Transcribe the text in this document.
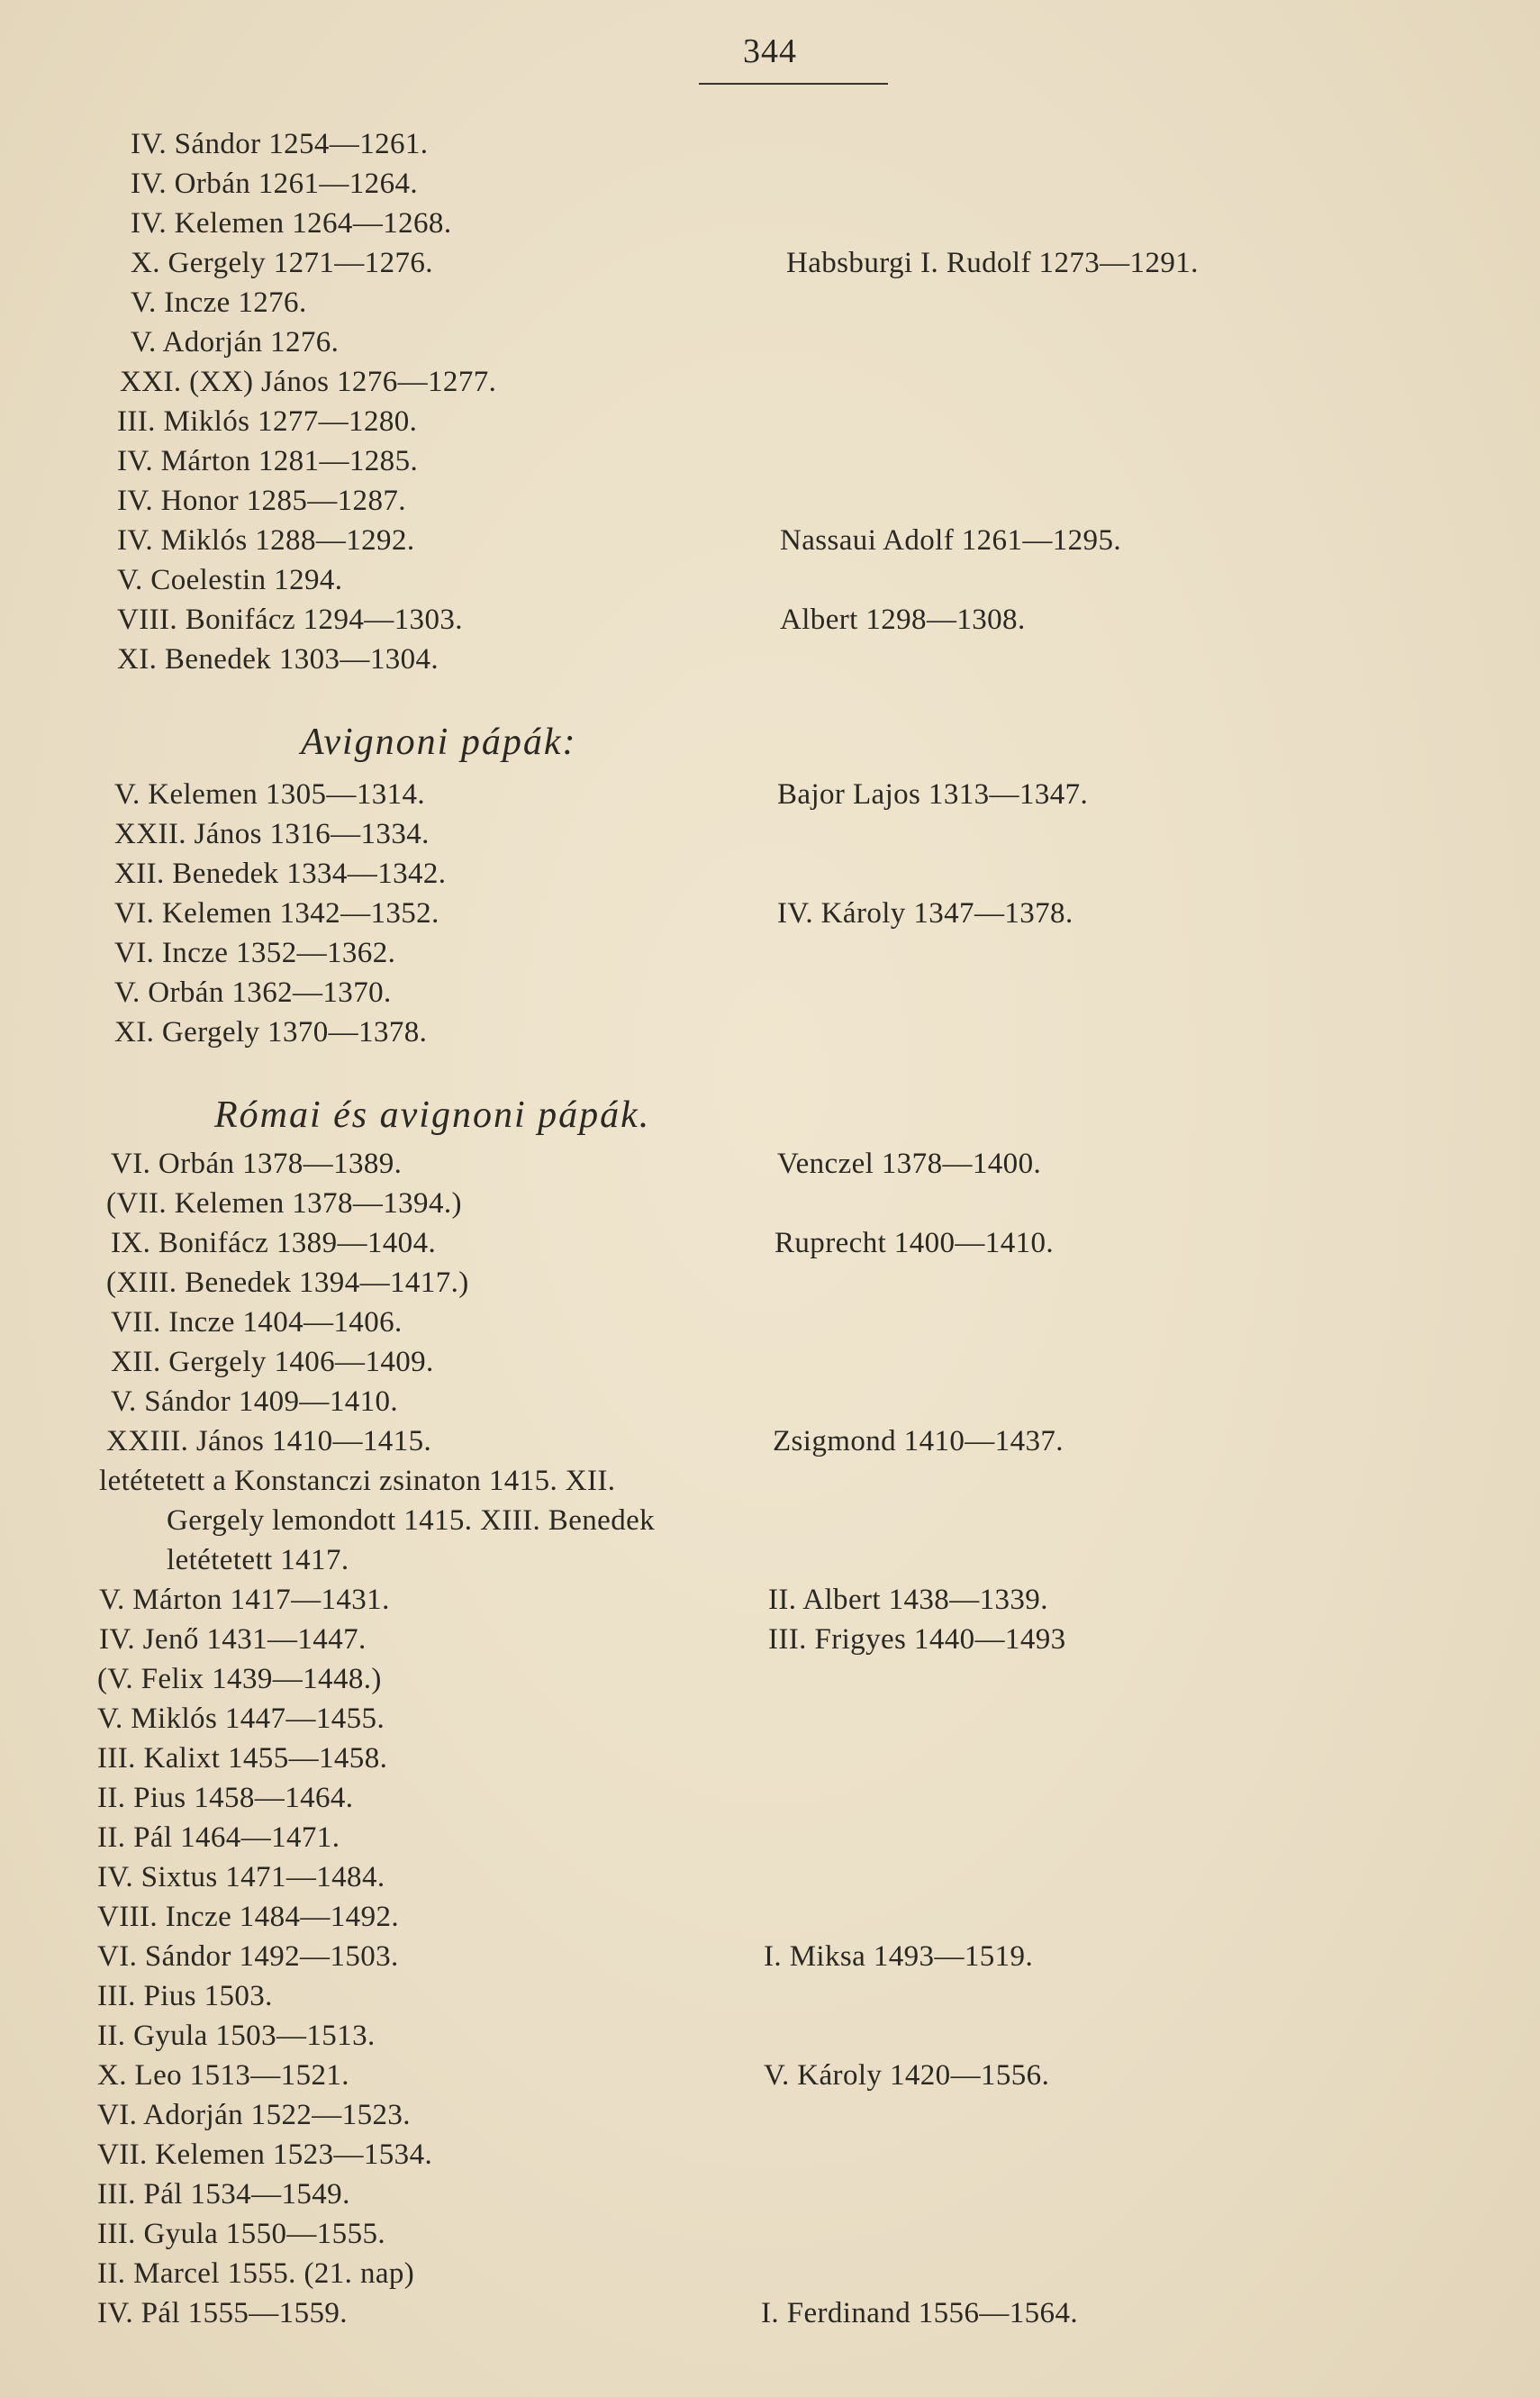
344
IV. Sándor 1254—1261.
IV. Orbán 1261—1264.
IV. Kelemen 1264—1268.
X. Gergely 1271—1276.
V. Incze 1276.
V. Adorján 1276.
XXI. (XX) János 1276—1277.
III. Miklós 1277—1280.
IV. Márton 1281—1285.
IV. Honor 1285—1287.
IV. Miklós 1288—1292.
V. Coelestin 1294.
VIII. Bonifácz 1294—1303.
XI. Benedek 1303—1304.
Habsburgi I. Rudolf 1273—1291.
Nassaui Adolf 1261—1295.
Albert 1298—1308.
Avignoni pápák:
V. Kelemen 1305—1314.
XXII. János 1316—1334.
XII. Benedek 1334—1342.
VI. Kelemen 1342—1352.
VI. Incze 1352—1362.
V. Orbán 1362—1370.
XI. Gergely 1370—1378.
Bajor Lajos 1313—1347.
IV. Károly 1347—1378.
Római és avignoni pápák.
VI. Orbán 1378—1389.
(VII. Kelemen 1378—1394.)
IX. Bonifácz 1389—1404.
(XIII. Benedek 1394—1417.)
VII. Incze 1404—1406.
XII. Gergely 1406—1409.
V. Sándor 1409—1410.
XXIII. János 1410—1415.
letétetett a Konstanczi zsinaton 1415. XII.
Gergely lemondott 1415. XIII. Benedek
letétetett 1417.
V. Márton 1417—1431.
IV. Jenő 1431—1447.
(V. Felix 1439—1448.)
V. Miklós 1447—1455.
III. Kalixt 1455—1458.
II. Pius 1458—1464.
II. Pál 1464—1471.
IV. Sixtus 1471—1484.
VIII. Incze 1484—1492.
VI. Sándor 1492—1503.
III. Pius 1503.
II. Gyula 1503—1513.
X. Leo 1513—1521.
VI. Adorján 1522—1523.
VII. Kelemen 1523—1534.
III. Pál 1534—1549.
III. Gyula 1550—1555.
II. Marcel 1555. (21. nap)
IV. Pál 1555—1559.
Venczel 1378—1400.
Ruprecht 1400—1410.
Zsigmond 1410—1437.
II. Albert 1438—1339.
III. Frigyes 1440—1493
I. Miksa 1493—1519.
V. Károly 1420—1556.
I. Ferdinand 1556—1564.
